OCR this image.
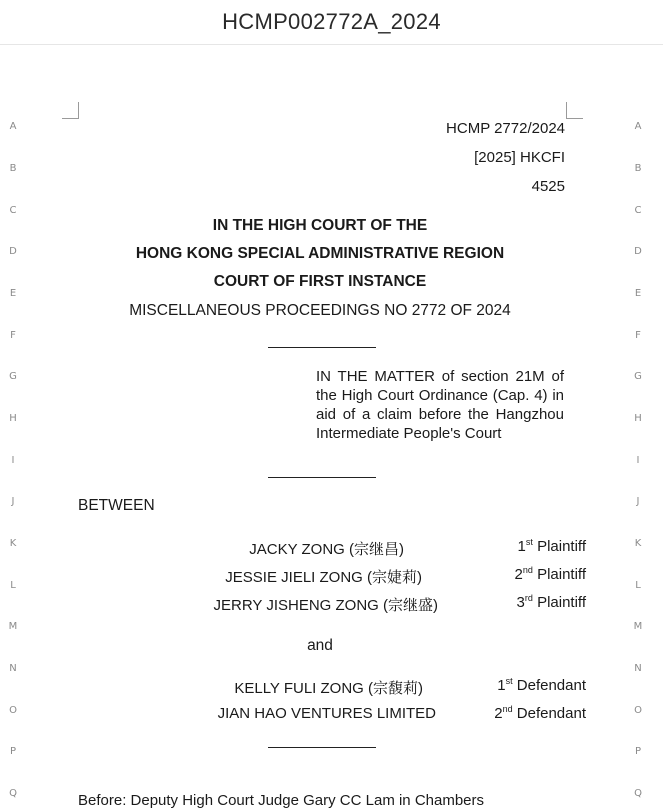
HCMP002772A_2024
A
B
C
D
E
F
G
H
I
J
K
L
M
N
O
P
Q
A
B
C
D
E
F
G
H
I
J
K
L
M
N
O
P
Q
HCMP 2772/2024
[2025] HKCFI
4525
IN THE HIGH COURT OF THE
HONG KONG SPECIAL ADMINISTRATIVE REGION
COURT OF FIRST INSTANCE
MISCELLANEOUS PROCEEDINGS NO 2772 OF 2024
IN THE MATTER of section 21M of the High Court Ordinance (Cap. 4) in aid of a claim before the Hangzhou Intermediate People's Court
BETWEEN
JACKY ZONG (宗继昌)	1st Plaintiff
JESSIE JIELI ZONG (宗婕莉)	2nd Plaintiff
JERRY JISHENG ZONG (宗继盛)	3rd Plaintiff
and
KELLY FULI ZONG (宗馥莉)	1st Defendant
JIAN HAO VENTURES LIMITED	2nd Defendant
Before: Deputy High Court Judge Gary CC Lam in Chambers
